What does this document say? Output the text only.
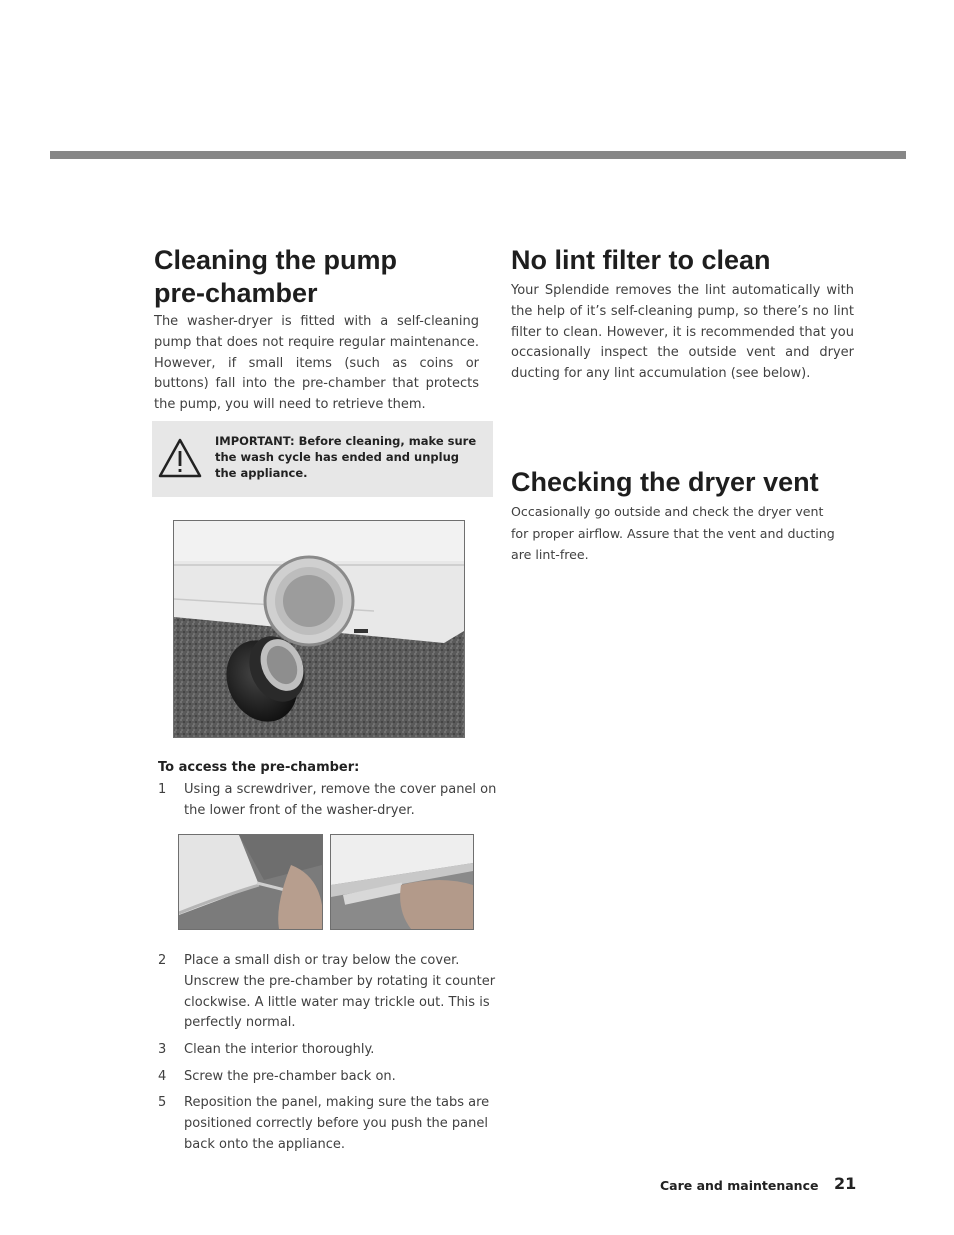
Cleaning the pump
pre-chamber

The washer-dryer is fitted with a self-cleaning pump that does not require regular maintenance. However, if small items (such as coins or buttons) fall into the pre-chamber that protects the pump, you will need to retrieve them.

IMPORTANT: Before cleaning, make sure the wash cycle has ended and unplug the appliance.

To access the pre-chamber:

1	Using a screwdriver, remove the cover panel on the lower front of the washer-dryer.
2	Place a small dish or tray below the cover. Unscrew the pre-chamber by rotating it counter clockwise. A little water may trickle out. This is perfectly normal.
3	Clean the interior thoroughly.
4	Screw the pre-chamber back on.
5	Reposition the panel, making sure the tabs are positioned correctly before you push the panel back onto the appliance.
No lint filter to clean

Your Splendide removes the lint automatically with the help of it’s self-cleaning pump, so there’s no lint filter to clean. However, it is recommended that you occasionally inspect the outside vent and dryer ducting for any lint accumulation (see below).

Checking the dryer vent

Occasionally go outside and check the dryer vent for proper airflow. Assure that the vent and ducting are lint-free.

Care and maintenance 21
